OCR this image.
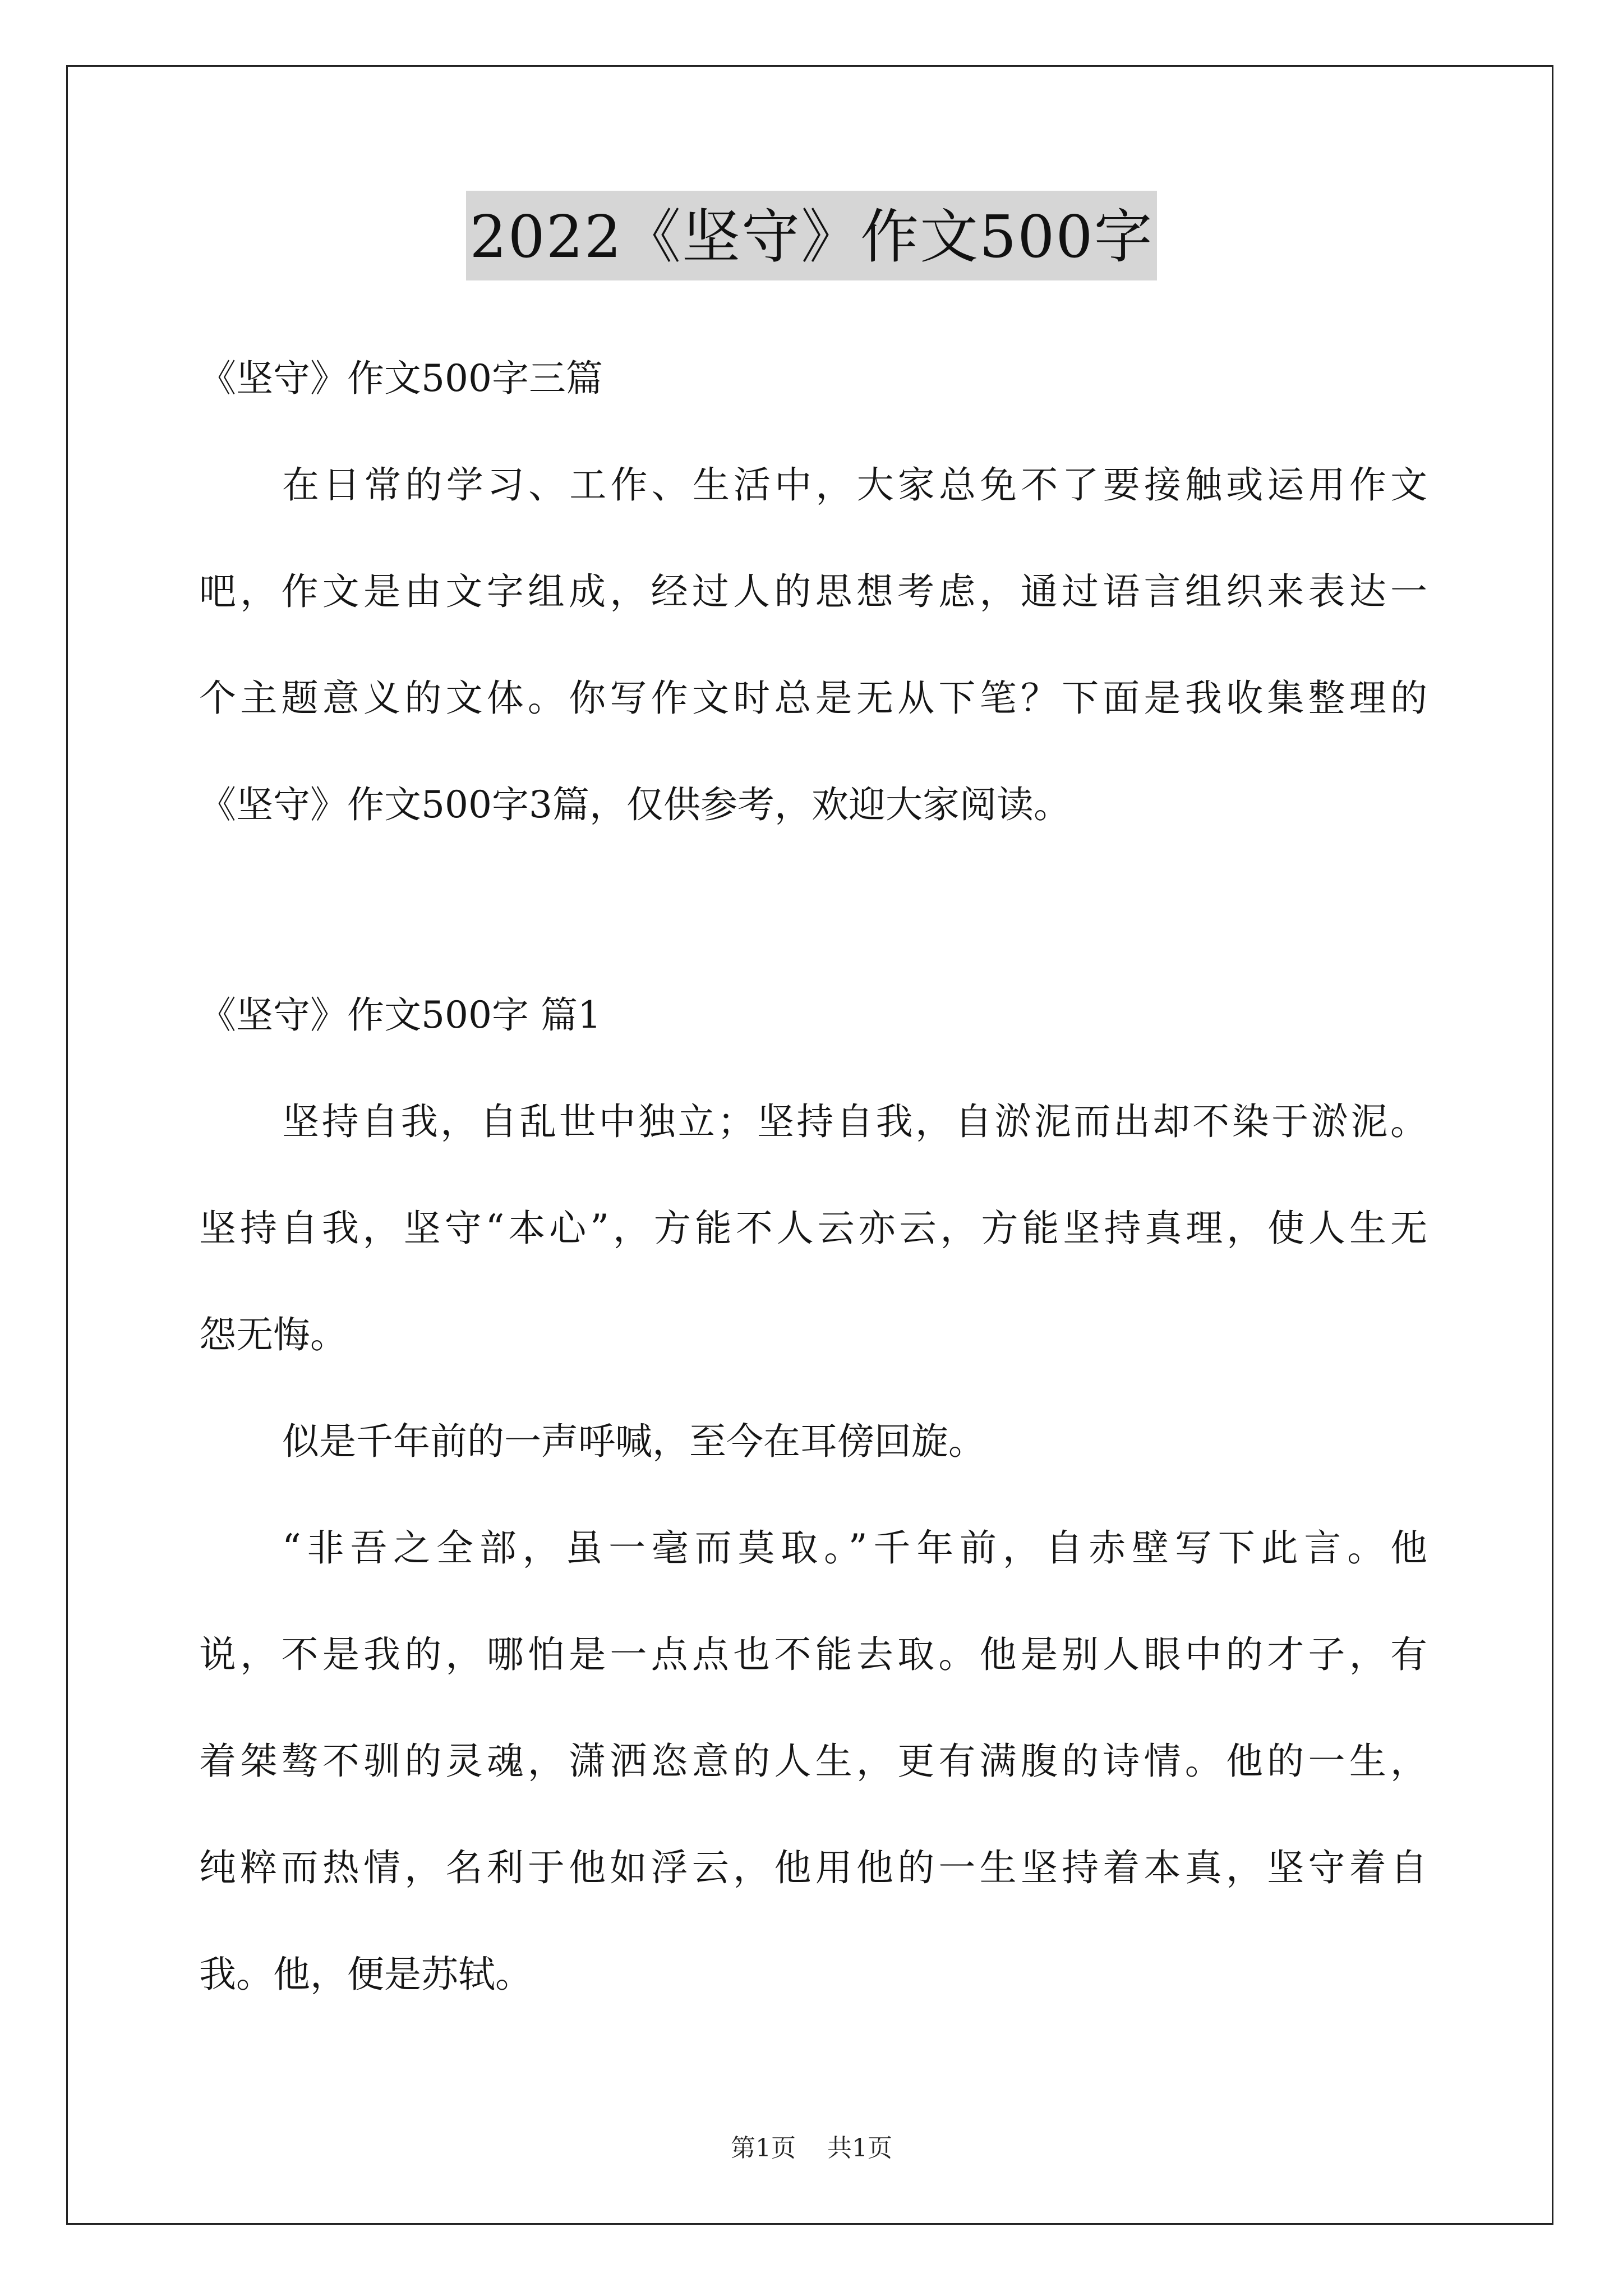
2022《坚守》作文500字
《坚守》作文500字三篇
在日常的学习、工作、生活中，大家总免不了要接触或运用作文
吧，作文是由文字组成，经过人的思想考虑，通过语言组织来表达一
个主题意义的文体。你写作文时总是无从下笔？下面是我收集整理的
《坚守》作文500字3篇，仅供参考，欢迎大家阅读。
《坚守》作文500字 篇1
坚持自我，自乱世中独立；坚持自我，自淤泥而出却不染于淤泥。
坚持自我，坚守“本心”，方能不人云亦云，方能坚持真理，使人生无
怨无悔。
似是千年前的一声呼喊，至今在耳傍回旋。
“非吾之全部，虽一毫而莫取。”千年前，自赤壁写下此言。他
说，不是我的，哪怕是一点点也不能去取。他是别人眼中的才子，有
着桀骜不驯的灵魂，潇洒恣意的人生，更有满腹的诗情。他的一生，
纯粹而热情，名利于他如浮云，他用他的一生坚持着本真，坚守着自
我。他，便是苏轼。
第1页 共1页
